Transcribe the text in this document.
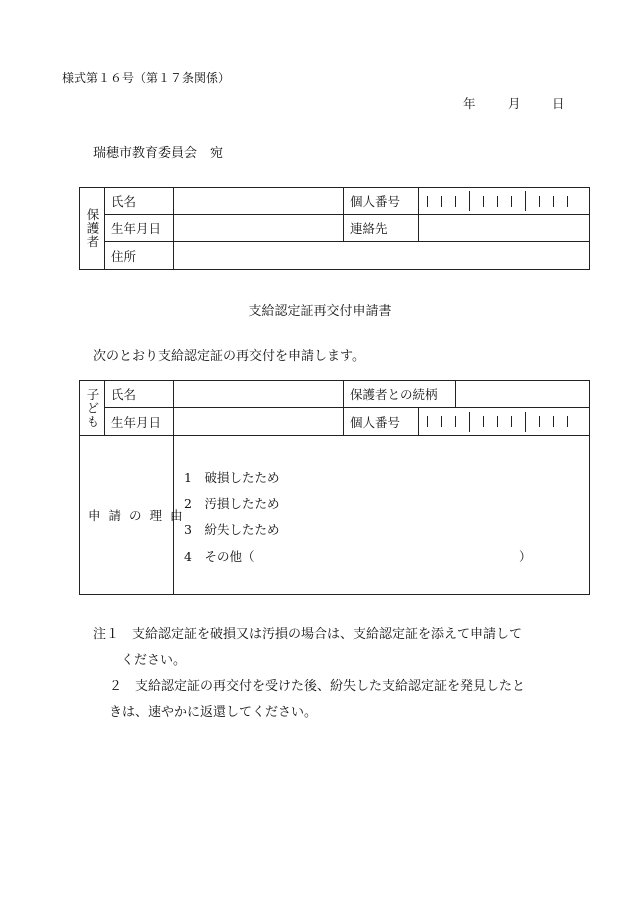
様式第１６号（第１７条関係）
年	月	日
瑞穂市教育委員会　宛
保護者	氏名		個人番号	

	生年月日		連絡先	
	住所			
支給認定証再交付申請書
次のとおり支給認定証の再交付を申請します。
子ども	氏名		保護者との続柄		
	生年月日		個人番号		

申請の理由					
1　破損したため
2　汚損したため
3　紛失したため
4　その他（	）
注１　支給認定証を破損又は汚損の場合は、支給認定証を添えて申請して
ください。
２　支給認定証の再交付を受けた後、紛失した支給認定証を発見したと
きは、速やかに返還してください。
